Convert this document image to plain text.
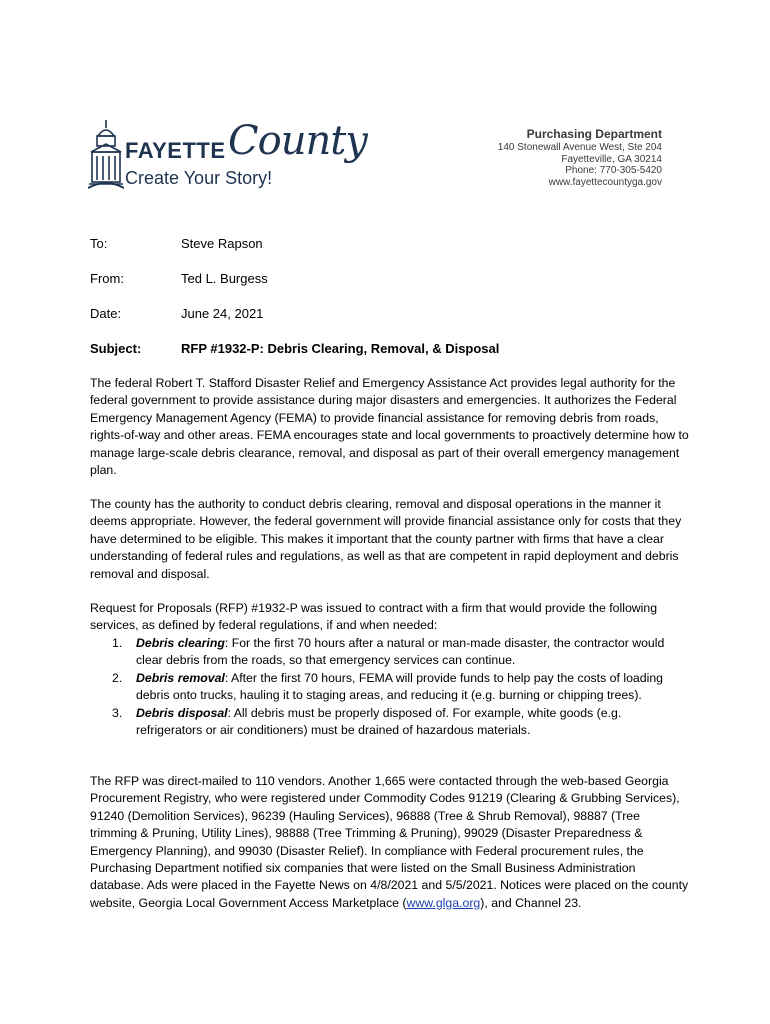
FAYETTE County
Create Your Story!
Purchasing Department
140 Stonewall Avenue West, Ste 204
Fayetteville, GA 30214
Phone: 770-305-5420
www.fayettecountyga.gov
To:	Steve Rapson
From:	Ted L. Burgess
Date:	June 24, 2021
Subject:	RFP #1932-P: Debris Clearing, Removal, & Disposal

The federal Robert T. Stafford Disaster Relief and Emergency Assistance Act provides legal authority for the federal government to provide assistance during major disasters and emergencies. It authorizes the Federal Emergency Management Agency (FEMA) to provide financial assistance for removing debris from roads, rights-of-way and other areas. FEMA encourages state and local governments to proactively determine how to manage large-scale debris clearance, removal, and disposal as part of their overall emergency management plan.

The county has the authority to conduct debris clearing, removal and disposal operations in the manner it deems appropriate. However, the federal government will provide financial assistance only for costs that they have determined to be eligible. This makes it important that the county partner with firms that have a clear understanding of federal rules and regulations, as well as that are competent in rapid deployment and debris removal and disposal.

Request for Proposals (RFP) #1932-P was issued to contract with a firm that would provide the following services, as defined by federal regulations, if and when needed:

1. Debris clearing: For the first 70 hours after a natural or man-made disaster, the contractor would clear debris from the roads, so that emergency services can continue.
2. Debris removal: After the first 70 hours, FEMA will provide funds to help pay the costs of loading debris onto trucks, hauling it to staging areas, and reducing it (e.g. burning or chipping trees).
3. Debris disposal: All debris must be properly disposed of. For example, white goods (e.g. refrigerators or air conditioners) must be drained of hazardous materials.

The RFP was direct-mailed to 110 vendors. Another 1,665 were contacted through the web-based Georgia Procurement Registry, who were registered under Commodity Codes 91219 (Clearing & Grubbing Services), 91240 (Demolition Services), 96239 (Hauling Services), 96888 (Tree & Shrub Removal), 98887 (Tree trimming & Pruning, Utility Lines), 98888 (Tree Trimming & Pruning), 99029 (Disaster Preparedness & Emergency Planning), and 99030 (Disaster Relief). In compliance with Federal procurement rules, the Purchasing Department notified six companies that were listed on the Small Business Administration database. Ads were placed in the Fayette News on 4/8/2021 and 5/5/2021. Notices were placed on the county website, Georgia Local Government Access Marketplace (www.glga.org), and Channel 23.
